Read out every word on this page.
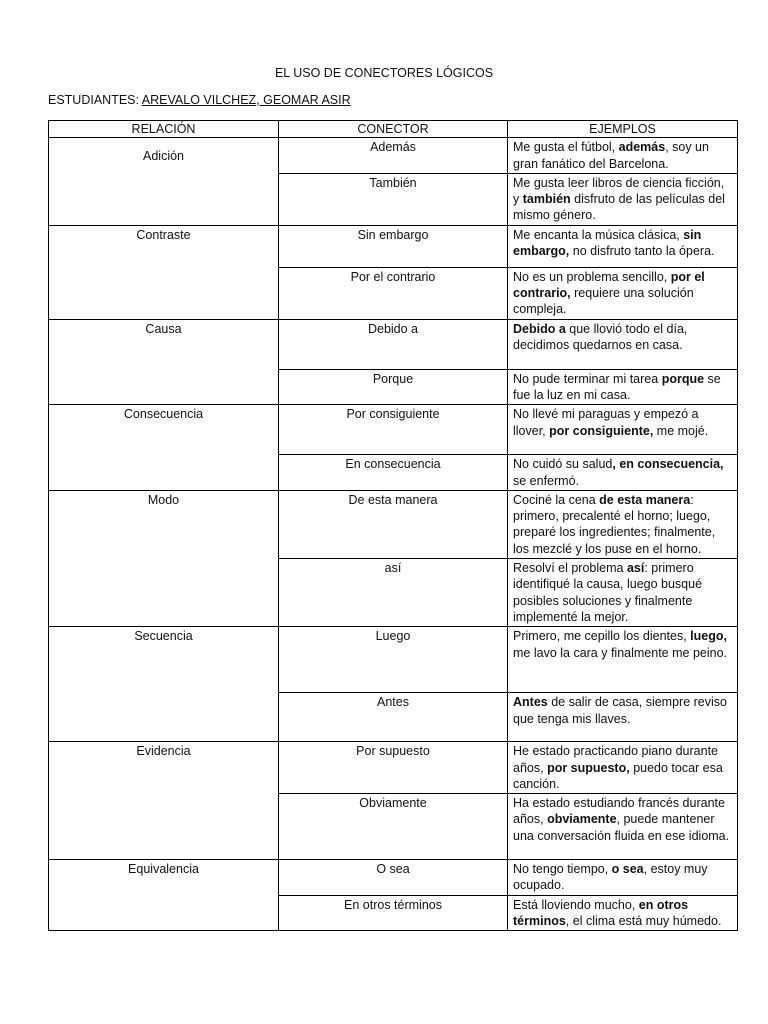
EL USO DE CONECTORES LÓGICOS
ESTUDIANTES: AREVALO VILCHEZ, GEOMAR ASIR
RELACIÓN	CONECTOR	EJEMPLOS
Adición	Además	Me gusta el fútbol, además, soy un gran fanático del Barcelona.
	También	Me gusta leer libros de ciencia ficción, y también disfruto de las películas del mismo género.
Contraste	Sin embargo	Me encanta la música clásica, sin embargo, no disfruto tanto la ópera.
	Por el contrario	No es un problema sencillo, por el contrario, requiere una solución compleja.
Causa	Debido a	Debido a que llovió todo el día, decidimos quedarnos en casa.
	Porque	No pude terminar mi tarea porque se fue la luz en mi casa.
Consecuencia	Por consiguiente	No llevé mi paraguas y empezó a llover, por consiguiente, me mojé.
	En consecuencia	No cuidó su salud, en consecuencia, se enfermó.
Modo	De esta manera	Cociné la cena de esta manera: primero, precalenté el horno; luego, preparé los ingredientes; finalmente, los mezclé y los puse en el horno.
	así	Resolví el problema así: primero identifiqué la causa, luego busqué posibles soluciones y finalmente implementé la mejor.
Secuencia	Luego	Primero, me cepillo los dientes, luego, me lavo la cara y finalmente me peino.
	Antes	Antes de salir de casa, siempre reviso que tenga mis llaves.
Evidencia	Por supuesto	He estado practicando piano durante años, por supuesto, puedo tocar esa canción.
	Obviamente	Ha estado estudiando francés durante años, obviamente, puede mantener una conversación fluida en ese idioma.
Equivalencia	O sea	No tengo tiempo, o sea, estoy muy ocupado.
	En otros términos	Está lloviendo mucho, en otros términos, el clima está muy húmedo.
